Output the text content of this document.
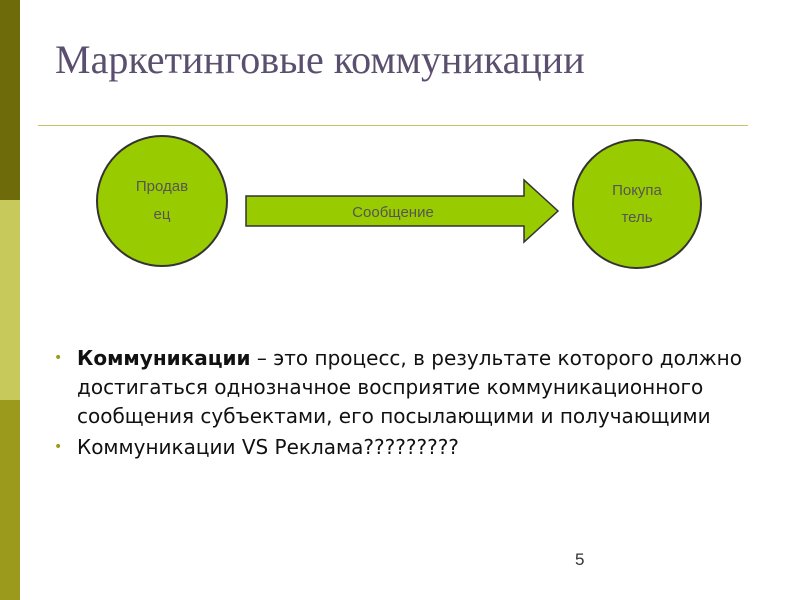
Маркетинговые коммуникации
Продав
ец	Сообщение
Покупа
тель
• Коммуникации – это процесс, в результате которого должно достигаться однозначное восприятие коммуникационного сообщения субъектами, его посылающими и получающими
• Коммуникации VS Реклама?????????
5
